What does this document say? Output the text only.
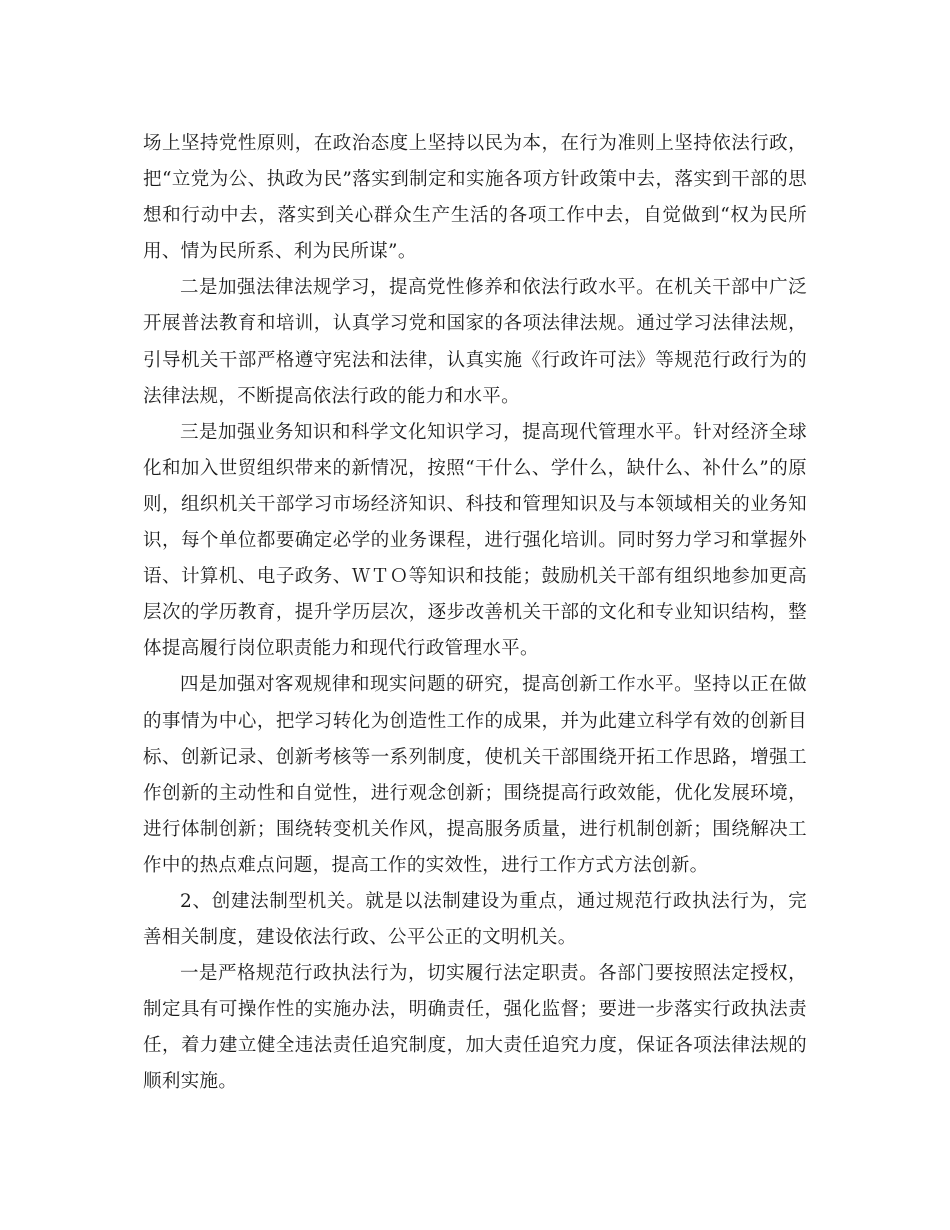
场上坚持党性原则，在政治态度上坚持以民为本，在行为准则上坚持依法行政，把“立党为公、执政为民”落实到制定和实施各项方针政策中去，落实到干部的思想和行动中去，落实到关心群众生产生活的各项工作中去，自觉做到“权为民所用、情为民所系、利为民所谋”。

二是加强法律法规学习，提高党性修养和依法行政水平。在机关干部中广泛开展普法教育和培训，认真学习党和国家的各项法律法规。通过学习法律法规，引导机关干部严格遵守宪法和法律，认真实施《行政许可法》等规范行政行为的法律法规，不断提高依法行政的能力和水平。

三是加强业务知识和科学文化知识学习，提高现代管理水平。针对经济全球化和加入世贸组织带来的新情况，按照“干什么、学什么，缺什么、补什么”的原则，组织机关干部学习市场经济知识、科技和管理知识及与本领域相关的业务知识，每个单位都要确定必学的业务课程，进行强化培训。同时努力学习和掌握外语、计算机、电子政务、ＷＴＯ等知识和技能；鼓励机关干部有组织地参加更高层次的学历教育，提升学历层次，逐步改善机关干部的文化和专业知识结构，整体提高履行岗位职责能力和现代行政管理水平。

四是加强对客观规律和现实问题的研究，提高创新工作水平。坚持以正在做的事情为中心，把学习转化为创造性工作的成果，并为此建立科学有效的创新目标、创新记录、创新考核等一系列制度，使机关干部围绕开拓工作思路，增强工作创新的主动性和自觉性，进行观念创新；围绕提高行政效能，优化发展环境，进行体制创新；围绕转变机关作风，提高服务质量，进行机制创新；围绕解决工作中的热点难点问题，提高工作的实效性，进行工作方式方法创新。

2、创建法制型机关。就是以法制建设为重点，通过规范行政执法行为，完善相关制度，建设依法行政、公平公正的文明机关。

一是严格规范行政执法行为，切实履行法定职责。各部门要按照法定授权，制定具有可操作性的实施办法，明确责任，强化监督；要进一步落实行政执法责任，着力建立健全违法责任追究制度，加大责任追究力度，保证各项法律法规的顺利实施。
